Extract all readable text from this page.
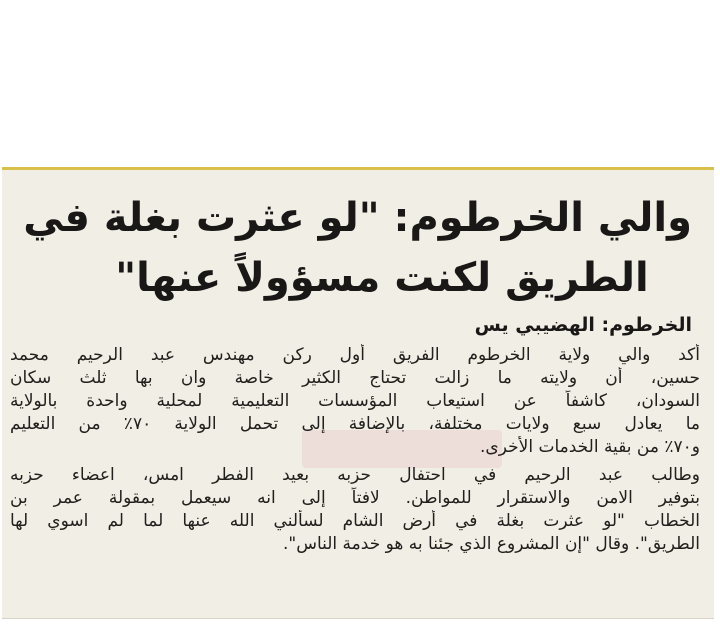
والي الخرطوم: "لو عثرت بغلة في
الطريق لكنت مسؤولاً عنها"
الخرطوم: الهضيبي يس
أكد والي ولاية الخرطوم الفريق أول ركن مهندس عبد الرحيم محمد
حسين، أن ولايته ما زالت تحتاج الكثير خاصة وان بها ثلث سكان
السودان، كاشفاً عن استيعاب المؤسسات التعليمية لمحلية واحدة بالولاية
ما يعادل سبع ولايات مختلفة، بالإضافة إلى تحمل الولاية ٧٠٪ من التعليم
و٧٠٪ من بقية الخدمات الأخرى.
وطالب عبد الرحيم في احتفال حزبه بعيد الفطر امس، اعضاء حزبه
بتوفير الامن والاستقرار للمواطن. لافتاً إلى انه سيعمل بمقولة عمر بن
الخطاب "لو عثرت بغلة في أرض الشام لسألني الله عنها لما لم اسوي لها
الطريق". وقال "إن المشروع الذي جئنا به هو خدمة الناس".
